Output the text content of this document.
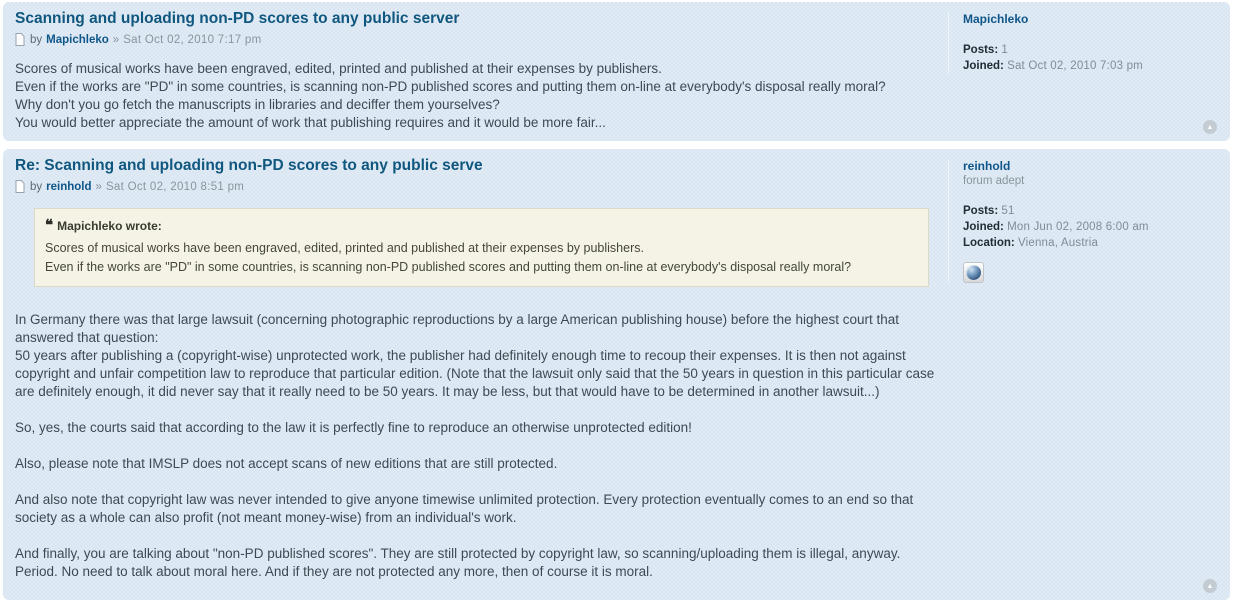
Scanning and uploading non-PD scores to any public server

by Mapichleko » Sat Oct 02, 2010 7:17 pm

Scores of musical works have been engraved, edited, printed and published at their expenses by publishers.
Even if the works are "PD" in some countries, is scanning non-PD published scores and putting them on-line at everybody's disposal really moral?
Why don't you go fetch the manuscripts in libraries and deciffer them yourselves?
You would better appreciate the amount of work that publishing requires and it would be more fair...
Mapichleko
Posts: 1
Joined: Sat Oct 02, 2010 7:03 pm
▲
Re: Scanning and uploading non-PD scores to any public serve

by reinhold » Sat Oct 02, 2010 8:51 pm

❝ Mapichleko wrote:
Scores of musical works have been engraved, edited, printed and published at their expenses by publishers.
Even if the works are "PD" in some countries, is scanning non-PD published scores and putting them on-line at everybody's disposal really moral?
In Germany there was that large lawsuit (concerning photographic reproductions by a large American publishing house) before the highest court that answered that question:
50 years after publishing a (copyright-wise) unprotected work, the publisher had definitely enough time to recoup their expenses. It is then not against copyright and unfair competition law to reproduce that particular edition. (Note that the lawsuit only said that the 50 years in question in this particular case are definitely enough, it did never say that it really need to be 50 years. It may be less, but that would have to be determined in another lawsuit...)
So, yes, the courts said that according to the law it is perfectly fine to reproduce an otherwise unprotected edition!
Also, please note that IMSLP does not accept scans of new editions that are still protected.
And also note that copyright law was never intended to give anyone timewise unlimited protection. Every protection eventually comes to an end so that society as a whole can also profit (not meant money-wise) from an individual's work.
And finally, you are talking about "non-PD published scores". They are still protected by copyright law, so scanning/uploading them is illegal, anyway. Period. No need to talk about moral here. And if they are not protected any more, then of course it is moral.
reinhold
forum adept
Posts: 51
Joined: Mon Jun 02, 2008 6:00 am
Location: Vienna, Austria
▲
